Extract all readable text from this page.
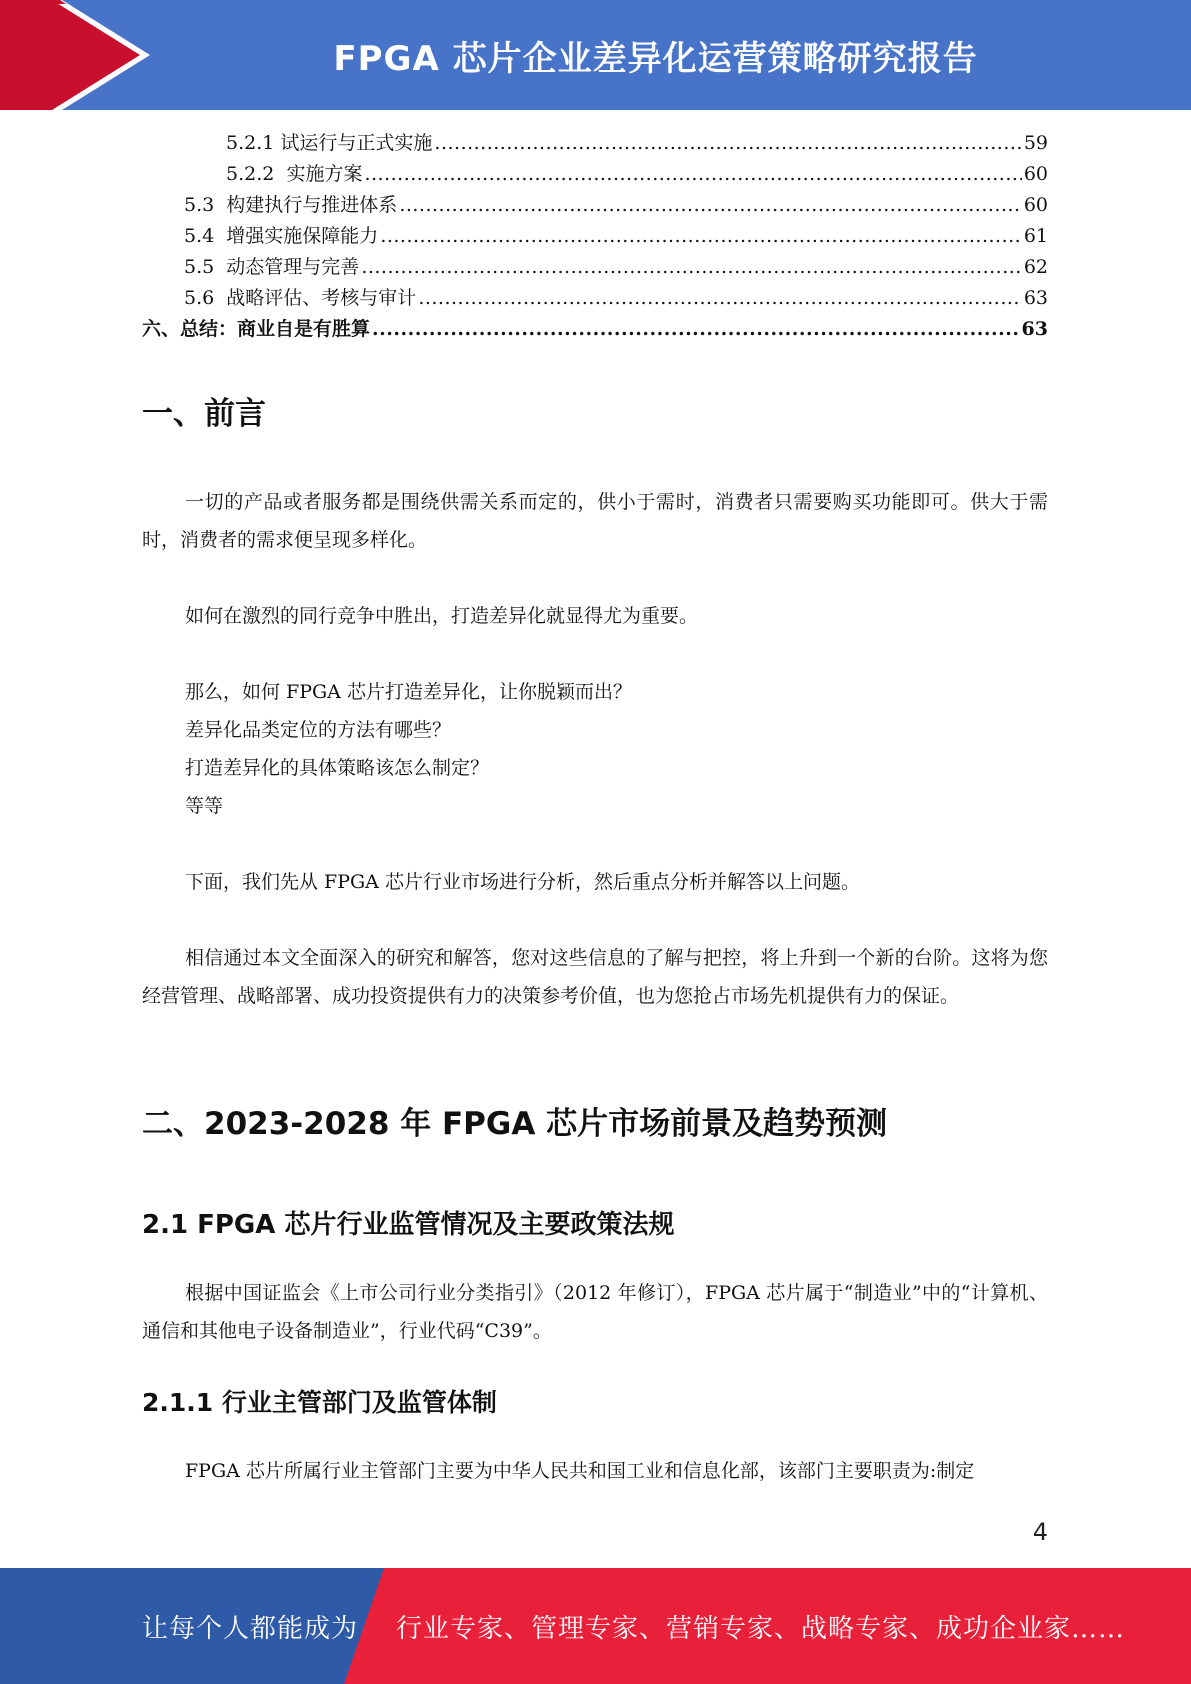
FPGA 芯片企业差异化运营策略研究报告
5.2.1 试运行与正式实施 .....	59
5.2.2 实施方案 .....	60
5.3 构建执行与推进体系 .....	60
5.4 增强实施保障能力 .....	61
5.5 动态管理与完善 .....	62
5.6 战略评估、考核与审计 .....	63
六、总结：商业自是有胜算 .....	63
一、前言
一切的产品或者服务都是围绕供需关系而定的，供小于需时，消费者只需要购买功能即可。供大于需时，消费者的需求便呈现多样化。
如何在激烈的同行竞争中胜出，打造差异化就显得尤为重要。
那么，如何 FPGA 芯片打造差异化，让你脱颖而出？
差异化品类定位的方法有哪些？
打造差异化的具体策略该怎么制定？
等等
下面，我们先从 FPGA 芯片行业市场进行分析，然后重点分析并解答以上问题。
相信通过本文全面深入的研究和解答，您对这些信息的了解与把控，将上升到一个新的台阶。这将为您经营管理、战略部署、成功投资提供有力的决策参考价值，也为您抢占市场先机提供有力的保证。
二、2023-2028 年 FPGA 芯片市场前景及趋势预测
2.1 FPGA 芯片行业监管情况及主要政策法规
根据中国证监会《上市公司行业分类指引》（2012 年修订），FPGA 芯片属于“制造业”中的“计算机、通信和其他电子设备制造业”，行业代码“C39”。
2.1.1 行业主管部门及监管体制
FPGA 芯片所属行业主管部门主要为中华人民共和国工业和信息化部，该部门主要职责为:制定
4
让每个人都能成为 行业专家、管理专家、营销专家、战略专家、成功企业家……
